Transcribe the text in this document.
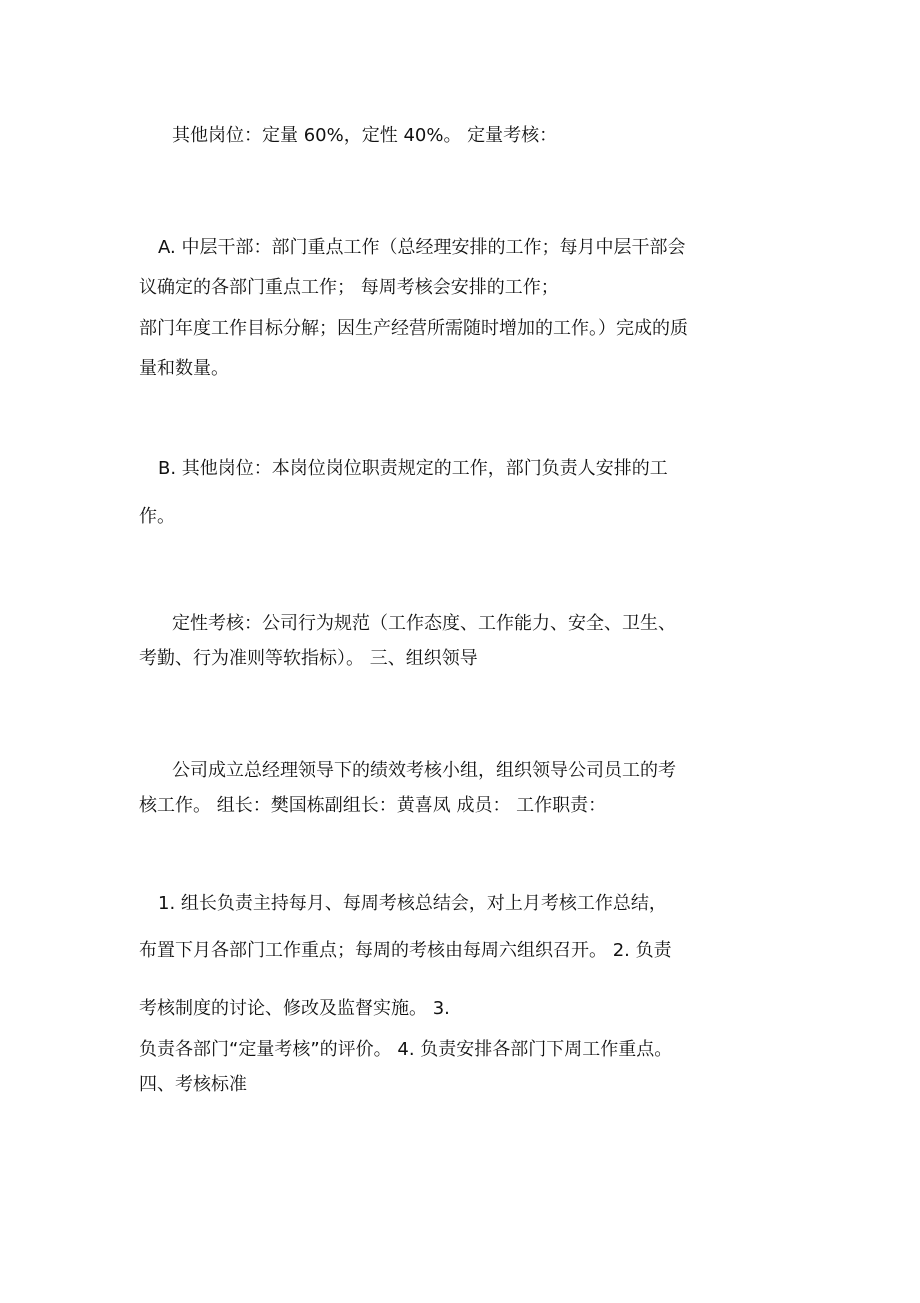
其他岗位：定量 60%，定性 40%。 定量考核：
A. 中层干部：部门重点工作（总经理安排的工作；每月中层干部会
议确定的各部门重点工作； 每周考核会安排的工作；
部门年度工作目标分解；因生产经营所需随时增加的工作。）完成的质
量和数量。
B. 其他岗位：本岗位岗位职责规定的工作，部门负责人安排的工
作。
定性考核：公司行为规范（工作态度、工作能力、安全、卫生、
考勤、行为准则等软指标）。 三、组织领导
公司成立总经理领导下的绩效考核小组，组织领导公司员工的考
核工作。 组长：樊国栋副组长：黄喜凤 成员： 工作职责：
1. 组长负责主持每月、每周考核总结会，对上月考核工作总结，
布置下月各部门工作重点；每周的考核由每周六组织召开。 2. 负责
考核制度的讨论、修改及监督实施。 3.
负责各部门“定量考核”的评价。 4. 负责安排各部门下周工作重点。
四、考核标准
